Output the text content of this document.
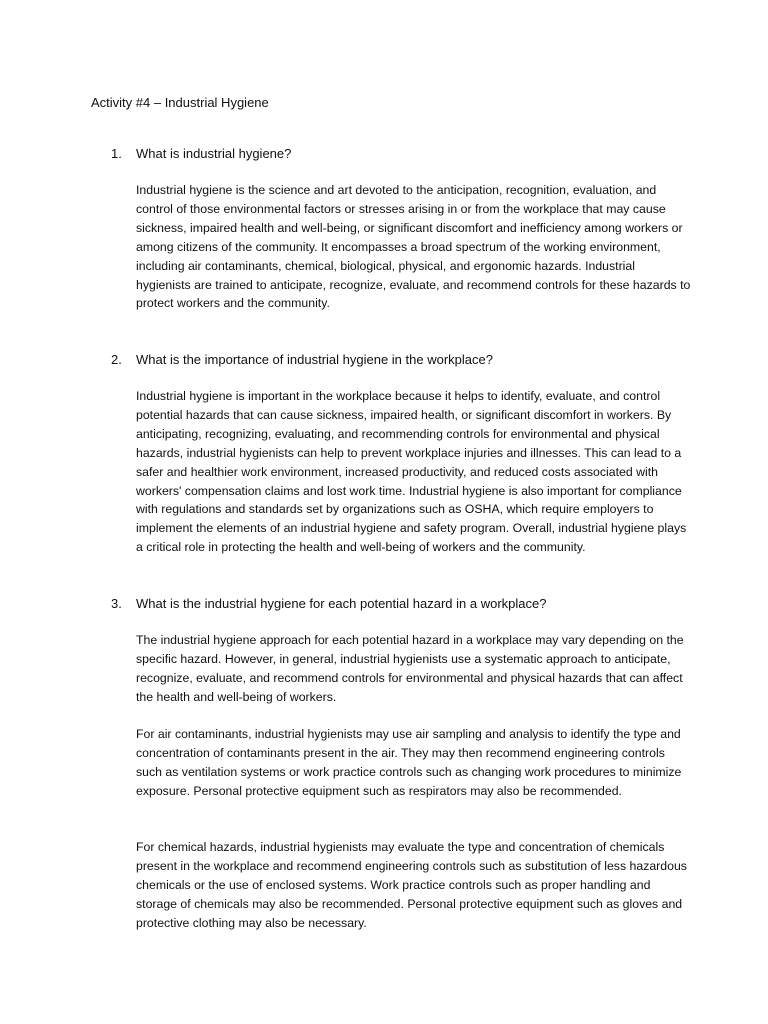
Activity #4 – Industrial Hygiene

1. What is industrial hygiene?

Industrial hygiene is the science and art devoted to the anticipation, recognition, evaluation, and control of those environmental factors or stresses arising in or from the workplace that may cause sickness, impaired health and well-being, or significant discomfort and inefficiency among workers or among citizens of the community. It encompasses a broad spectrum of the working environment, including air contaminants, chemical, biological, physical, and ergonomic hazards. Industrial hygienists are trained to anticipate, recognize, evaluate, and recommend controls for these hazards to protect workers and the community.

2. What is the importance of industrial hygiene in the workplace?

Industrial hygiene is important in the workplace because it helps to identify, evaluate, and control potential hazards that can cause sickness, impaired health, or significant discomfort in workers. By anticipating, recognizing, evaluating, and recommending controls for environmental and physical hazards, industrial hygienists can help to prevent workplace injuries and illnesses. This can lead to a safer and healthier work environment, increased productivity, and reduced costs associated with workers' compensation claims and lost work time. Industrial hygiene is also important for compliance with regulations and standards set by organizations such as OSHA, which require employers to implement the elements of an industrial hygiene and safety program. Overall, industrial hygiene plays a critical role in protecting the health and well-being of workers and the community.

3. What is the industrial hygiene for each potential hazard in a workplace?

The industrial hygiene approach for each potential hazard in a workplace may vary depending on the specific hazard. However, in general, industrial hygienists use a systematic approach to anticipate, recognize, evaluate, and recommend controls for environmental and physical hazards that can affect the health and well-being of workers.

For air contaminants, industrial hygienists may use air sampling and analysis to identify the type and concentration of contaminants present in the air. They may then recommend engineering controls such as ventilation systems or work practice controls such as changing work procedures to minimize exposure. Personal protective equipment such as respirators may also be recommended.

For chemical hazards, industrial hygienists may evaluate the type and concentration of chemicals present in the workplace and recommend engineering controls such as substitution of less hazardous chemicals or the use of enclosed systems. Work practice controls such as proper handling and storage of chemicals may also be recommended. Personal protective equipment such as gloves and protective clothing may also be necessary.
